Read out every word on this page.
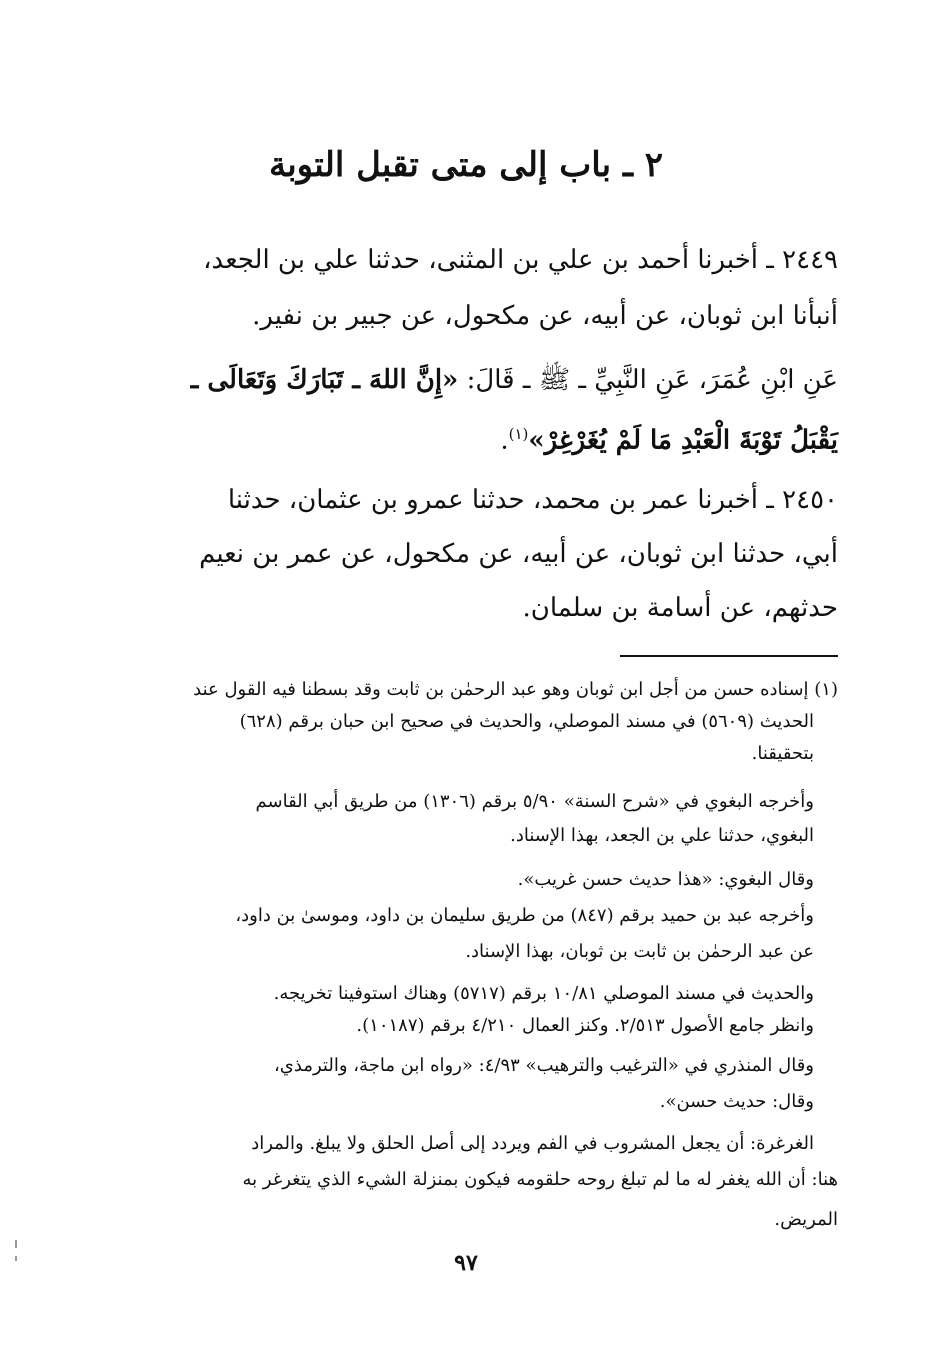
٢ ـ باب إلى متى تقبل التوبة
٢٤٤٩ ـ أخبرنا أحمد بن علي بن المثنى، حدثنا علي بن الجعد،
أنبأنا ابن ثوبان، عن أبيه، عن مكحول، عن جبير بن نفير.
عَنِ ابْنِ عُمَرَ، عَنِ النَّبِيِّ ـ ﷺ ـ قَالَ: «إِنَّ اللهَ ـ تَبَارَكَ وَتَعَالَى ـ
يَقْبَلُ تَوْبَةَ الْعَبْدِ مَا لَمْ يُغَرْغِرْ»$^{(١)}$.
٢٤٥٠ ـ أخبرنا عمر بن محمد، حدثنا عمرو بن عثمان، حدثنا
أبي، حدثنا ابن ثوبان، عن أبيه، عن مكحول، عن عمر بن نعيم
حدثهم، عن أسامة بن سلمان.
(١) إسناده حسن من أجل ابن ثوبان وهو عبد الرحمٰن بن ثابت وقد بسطنا فيه القول عند
الحديث (٥٦٠٩) في مسند الموصلي، والحديث في صحيح ابن حبان برقم (٦٢٨)
بتحقيقنا.
وأخرجه البغوي في «شرح السنة» ٥/٩٠ برقم (١٣٠٦) من طريق أبي القاسم
البغوي، حدثنا علي بن الجعد، بهذا الإسناد.
وقال البغوي: «هذا حديث حسن غريب».
وأخرجه عبد بن حميد برقم (٨٤٧) من طريق سليمان بن داود، وموسىٰ بن داود،
عن عبد الرحمٰن بن ثابت بن ثوبان، بهذا الإسناد.
والحديث في مسند الموصلي ١٠/٨١ برقم (٥٧١٧) وهناك استوفينا تخريجه.
وانظر جامع الأصول ٢/٥١٣. وكنز العمال ٤/٢١٠ برقم (١٠١٨٧).
وقال المنذري في «الترغيب والترهيب» ٤/٩٣: «رواه ابن ماجة، والترمذي،
وقال: حديث حسن».
الغرغرة: أن يجعل المشروب في الفم ويردد إلى أصل الحلق ولا يبلغ. والمراد
هنا: أن الله يغفر له ما لم تبلغ روحه حلقومه فيكون بمنزلة الشيء الذي يتغرغر به
المريض.
٩٧
